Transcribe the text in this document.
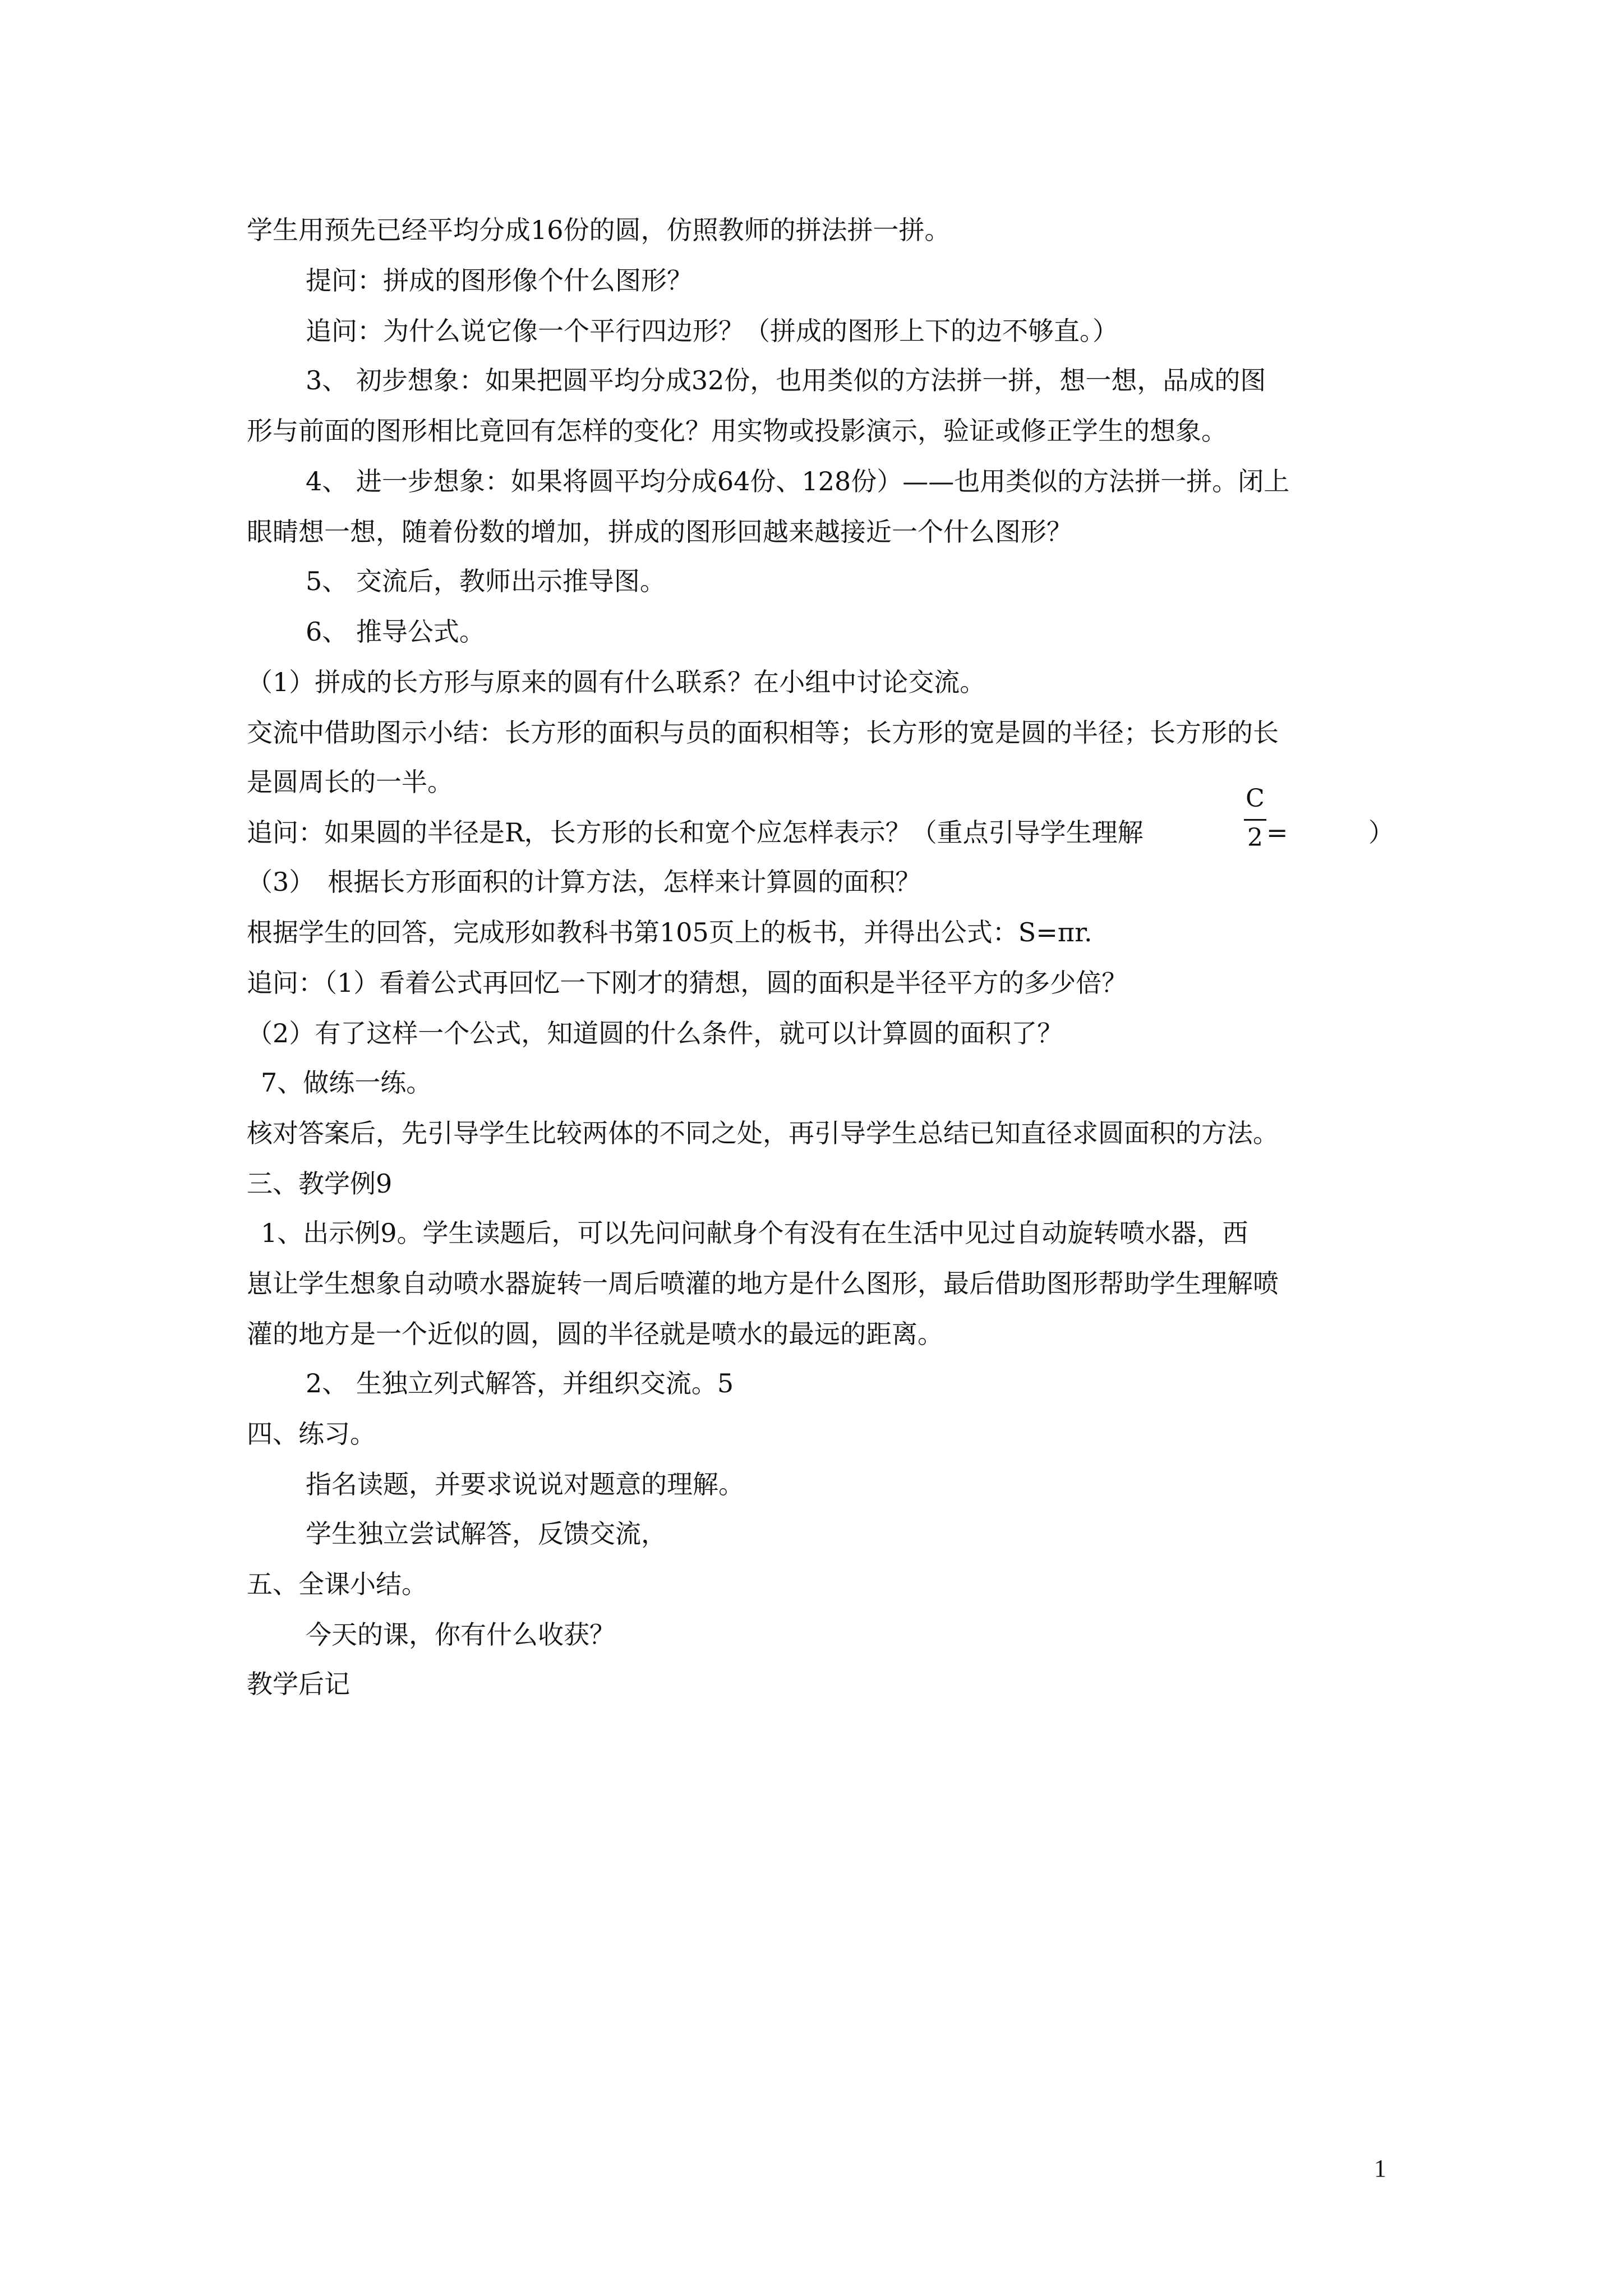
学生用预先已经平均分成16份的圆，仿照教师的拼法拼一拼。
提问：拼成的图形像个什么图形？
追问：为什么说它像一个平行四边形？（拼成的图形上下的边不够直。）
3、 初步想象：如果把圆平均分成32份，也用类似的方法拼一拼，想一想，品成的图
形与前面的图形相比竟回有怎样的变化？用实物或投影演示，验证或修正学生的想象。
4、 进一步想象：如果将圆平均分成64份、128份）——也用类似的方法拼一拼。闭上
眼睛想一想，随着份数的增加，拼成的图形回越来越接近一个什么图形？
5、 交流后，教师出示推导图。
6、 推导公式。
（1）拼成的长方形与原来的圆有什么联系？在小组中讨论交流。
交流中借助图示小结：长方形的面积与员的面积相等；长方形的宽是圆的半径；长方形的长
是圆周长的一半。
追问：如果圆的半径是R，长方形的长和宽个应怎样表示？（重点引导学生理解
C
2 =	）
（3）　根据长方形面积的计算方法，怎样来计算圆的面积？
根据学生的回答，完成形如教科书第105页上的板书，并得出公式：S=πr.
追问：（1）看着公式再回忆一下刚才的猜想，圆的面积是半径平方的多少倍？
（2）有了这样一个公式，知道圆的什么条件，就可以计算圆的面积了？
7、做练一练。
核对答案后，先引导学生比较两体的不同之处，再引导学生总结已知直径求圆面积的方法。
三、教学例9
1、出示例9。学生读题后，可以先问问献身个有没有在生活中见过自动旋转喷水器，西
崽让学生想象自动喷水器旋转一周后喷灌的地方是什么图形，最后借助图形帮助学生理解喷
灌的地方是一个近似的圆，圆的半径就是喷水的最远的距离。
2、 生独立列式解答，并组织交流。5
四、练习。
指名读题，并要求说说对题意的理解。
学生独立尝试解答，反馈交流，
五、全课小结。
今天的课，你有什么收获？
教学后记
1
